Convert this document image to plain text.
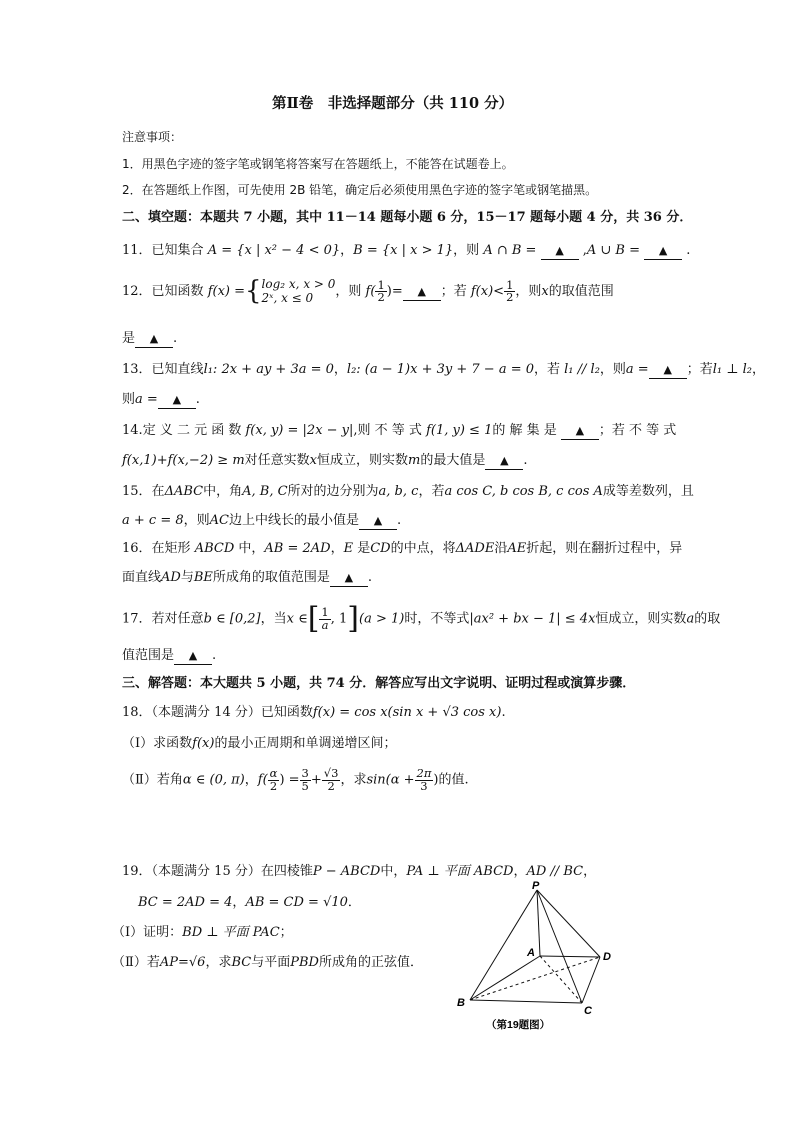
第Ⅱ卷　非选择题部分（共 110 分）
注意事项：
1．用黑色字迹的签字笔或钢笔将答案写在答题纸上，不能答在试题卷上。
2．在答题纸上作图，可先使用 2B 铅笔，确定后必须使用黑色字迹的签字笔或钢笔描黑。
二、填空题：本题共 7 小题，其中 11－14 题每小题 6 分，15－17 题每小题 4 分，共 36 分．
11．已知集合 A = {x | x² − 4 < 0}，B = {x | x > 1}，则 A ∩ B = ▲ ,A ∪ B = ▲ .
12．已知函数 f(x) ={log₂ x, x > 0
2ˣ, x ≤ 0 ，则 $f( \frac{1}{2}$ )= ▲ ；若 $f(x)< \frac{1}{2}$ ，则x的取值范围
是 ▲ .
13．已知直线l₁: 2x + ay + 3a = 0，l₂: (a − 1)x + 3y + 7 − a = 0，若 l₁ // l₂，则a = ▲ ；若l₁ ⊥ l₂，
则a = ▲ .
14.定 义 二 元 函 数 f(x, y) = |2x − y|,则 不 等 式 f(1, y) ≤ 1的 解 集 是 ▲ ；若 不 等 式
f(x,1)+f(x,−2) ≥ m对任意实数x恒成立，则实数m的最大值是 ▲ .
15．在ΔABC中，角A, B, C所对的边分别为a, b, c，若a cos C, b cos B, c cos A成等差数列，且
a + c = 8，则AC边上中线长的最小值是 ▲ .
16．在矩形 ABCD 中，AB = 2AD，E 是CD的中点，将ΔADE沿AE折起，则在翻折过程中，异
面直线AD与BE所成角的取值范围是 ▲ .
17．若对任意b ∈ [0,2]，当x ∈[ $\frac{1}{a}$ , 1](a > 1)时，不等式|ax² + bx − 1| ≤ 4x恒成立，则实数a的取
值范围是 ▲ .
三、解答题：本大题共 5 小题，共 74 分．解答应写出文字说明、证明过程或演算步骤．
18．（本题满分 14 分）已知函数f(x) = cos x(sin x + √3 cos x).
（Ⅰ）求函数f(x)的最小正周期和单调递增区间；
（Ⅱ）若角α ∈ (0, π)，$f( \frac{\alpha}{2}$ ) = $\frac{3}{5} + \frac{√3}{2}$ ，求$\sin(\alpha + \frac{2\pi}{3}$ )的值.
19．（本题满分 15 分）在四棱锥P − ABCD中，PA ⊥ 平面 ABCD，AD // BC，
BC = 2AD = 4，AB = CD = √10．
（Ⅰ）证明：BD ⊥ 平面 PAC；
（Ⅱ）若AP=√6，求BC与平面PBD所成角的正弦值．
P
A
B
C
D
（第19题图）
